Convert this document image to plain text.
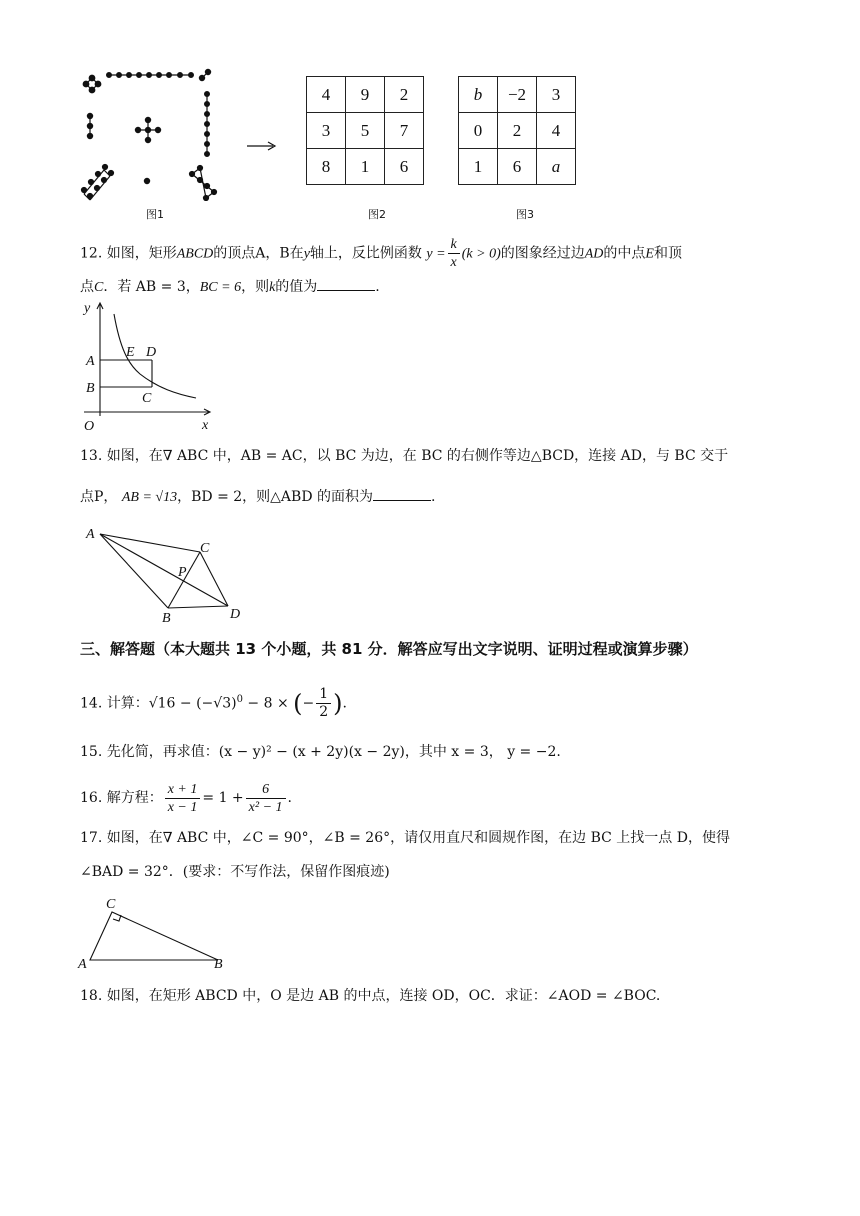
图1
4	9	2
3	5	7
8	1	6
图2
b	−2	3
0	2	4
1	6	a
图3
12. 如图，矩形ABCD的顶点A，B在y轴上，反比例函数 $y = \frac{k}{x} (k > 0)$的图象经过边AD的中点E和顶
点C．若 AB = 3，BC = 6，则k的值为	.
y
A
B
E D
C
O	x
13. 如图，在∇ ABC 中，AB = AC，以 BC 为边，在 BC 的右侧作等边△BCD，连接 AD，与 BC 交于
点P， AB = √13，BD = 2，则△ABD 的面积为	.
A
C
P
B	D
三、解答题（本大题共 13 个小题，共 81 分．解答应写出文字说明、证明过程或演算步骤）
14. 计算：$√16 - (-√3)^0 - 8$ × (− $\frac{1}{2}$ ).
15. 先化简，再求值：(x − y)² − (x + 2y)(x − 2y)，其中 x = 3， y = −2.
16. 解方程： $\frac{x + 1}{x - 1} = 1 + \frac{6}{\text{x² − 1}}$ .
17. 如图，在∇ ABC 中，∠C = 90°，∠B = 26°，请仅用直尺和圆规作图，在边 BC 上找一点 D，使得
∠BAD = 32°．(要求：不写作法，保留作图痕迹)
C
A	B
18. 如图，在矩形 ABCD 中，O 是边 AB 的中点，连接 OD，OC．求证：∠AOD = ∠BOC.
